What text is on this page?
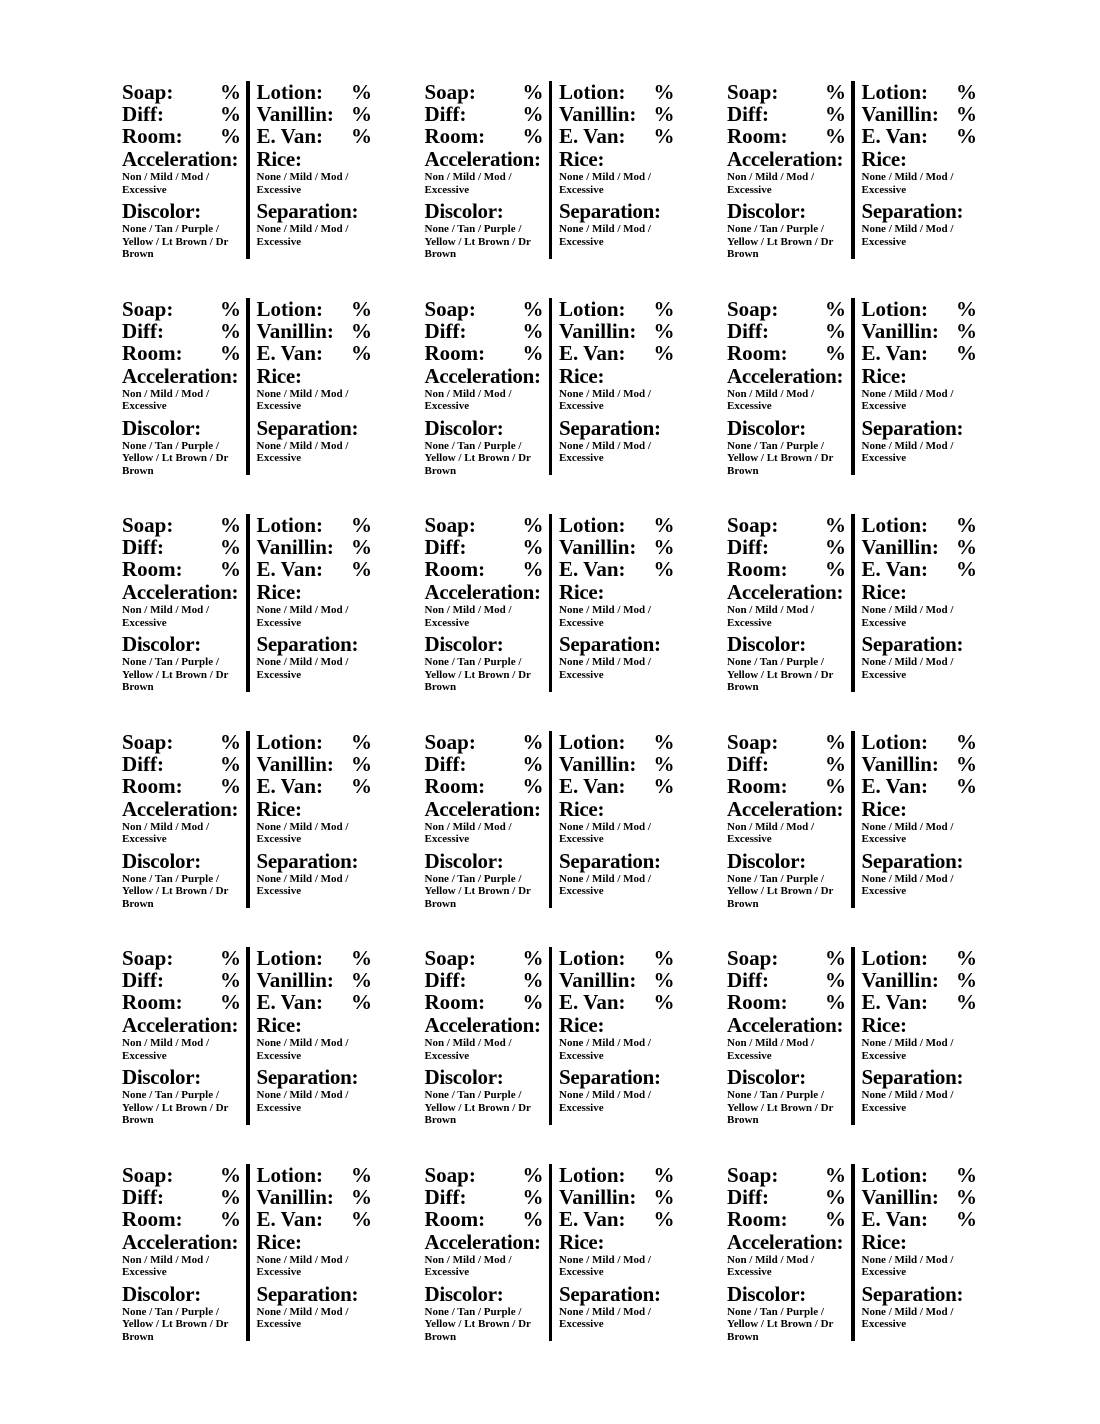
Soap: %
Diff:	%
Room: %
Acceleration:
Non / Mild / Mod / Excessive
Discolor:
None / Tan / Purple / Yellow / Lt Brown / Dr Brown
Lotion: %
Vanillin: %
E. Van: %
Rice:
None / Mild / Mod / Excessive
Separation:
None / Mild / Mod / Excessive
Soap: %
Diff:	%
Room: %
Acceleration:
Non / Mild / Mod / Excessive
Discolor:
None / Tan / Purple / Yellow / Lt Brown / Dr Brown
Lotion: %
Vanillin: %
E. Van: %
Rice:
None / Mild / Mod / Excessive
Separation:
None / Mild / Mod / Excessive
Soap: %
Diff:	%
Room: %
Acceleration:
Non / Mild / Mod / Excessive
Discolor:
None / Tan / Purple / Yellow / Lt Brown / Dr Brown
Lotion: %
Vanillin: %
E. Van: %
Rice:
None / Mild / Mod / Excessive
Separation:
None / Mild / Mod / Excessive
Soap: %
Diff:	%
Room: %
Acceleration:
Non / Mild / Mod / Excessive
Discolor:
None / Tan / Purple / Yellow / Lt Brown / Dr Brown
Lotion: %
Vanillin: %
E. Van: %
Rice:
None / Mild / Mod / Excessive
Separation:
None / Mild / Mod / Excessive
Soap: %
Diff:	%
Room: %
Acceleration:
Non / Mild / Mod / Excessive
Discolor:
None / Tan / Purple / Yellow / Lt Brown / Dr Brown
Lotion: %
Vanillin: %
E. Van: %
Rice:
None / Mild / Mod / Excessive
Separation:
None / Mild / Mod / Excessive
Soap: %
Diff:	%
Room: %
Acceleration:
Non / Mild / Mod / Excessive
Discolor:
None / Tan / Purple / Yellow / Lt Brown / Dr Brown
Lotion: %
Vanillin: %
E. Van: %
Rice:
None / Mild / Mod / Excessive
Separation:
None / Mild / Mod / Excessive
Soap: %
Diff:	%
Room: %
Acceleration:
Non / Mild / Mod / Excessive
Discolor:
None / Tan / Purple / Yellow / Lt Brown / Dr Brown
Lotion: %
Vanillin: %
E. Van: %
Rice:
None / Mild / Mod / Excessive
Separation:
None / Mild / Mod / Excessive
Soap: %
Diff:	%
Room: %
Acceleration:
Non / Mild / Mod / Excessive
Discolor:
None / Tan / Purple / Yellow / Lt Brown / Dr Brown
Lotion: %
Vanillin: %
E. Van: %
Rice:
None / Mild / Mod / Excessive
Separation:
None / Mild / Mod / Excessive
Soap: %
Diff:	%
Room: %
Acceleration:
Non / Mild / Mod / Excessive
Discolor:
None / Tan / Purple / Yellow / Lt Brown / Dr Brown
Lotion: %
Vanillin: %
E. Van: %
Rice:
None / Mild / Mod / Excessive
Separation:
None / Mild / Mod / Excessive
Soap: %
Diff:	%
Room: %
Acceleration:
Non / Mild / Mod / Excessive
Discolor:
None / Tan / Purple / Yellow / Lt Brown / Dr Brown
Lotion: %
Vanillin: %
E. Van: %
Rice:
None / Mild / Mod / Excessive
Separation:
None / Mild / Mod / Excessive
Soap: %
Diff:	%
Room: %
Acceleration:
Non / Mild / Mod / Excessive
Discolor:
None / Tan / Purple / Yellow / Lt Brown / Dr Brown
Lotion: %
Vanillin: %
E. Van: %
Rice:
None / Mild / Mod / Excessive
Separation:
None / Mild / Mod / Excessive
Soap: %
Diff:	%
Room: %
Acceleration:
Non / Mild / Mod / Excessive
Discolor:
None / Tan / Purple / Yellow / Lt Brown / Dr Brown
Lotion: %
Vanillin: %
E. Van: %
Rice:
None / Mild / Mod / Excessive
Separation:
None / Mild / Mod / Excessive
Soap: %
Diff:	%
Room: %
Acceleration:
Non / Mild / Mod / Excessive
Discolor:
None / Tan / Purple / Yellow / Lt Brown / Dr Brown
Lotion: %
Vanillin: %
E. Van: %
Rice:
None / Mild / Mod / Excessive
Separation:
None / Mild / Mod / Excessive
Soap: %
Diff:	%
Room: %
Acceleration:
Non / Mild / Mod / Excessive
Discolor:
None / Tan / Purple / Yellow / Lt Brown / Dr Brown
Lotion: %
Vanillin: %
E. Van: %
Rice:
None / Mild / Mod / Excessive
Separation:
None / Mild / Mod / Excessive
Soap: %
Diff:	%
Room: %
Acceleration:
Non / Mild / Mod / Excessive
Discolor:
None / Tan / Purple / Yellow / Lt Brown / Dr Brown
Lotion: %
Vanillin: %
E. Van: %
Rice:
None / Mild / Mod / Excessive
Separation:
None / Mild / Mod / Excessive
Soap: %
Diff:	%
Room: %
Acceleration:
Non / Mild / Mod / Excessive
Discolor:
None / Tan / Purple / Yellow / Lt Brown / Dr Brown
Lotion: %
Vanillin: %
E. Van: %
Rice:
None / Mild / Mod / Excessive
Separation:
None / Mild / Mod / Excessive
Soap: %
Diff:	%
Room: %
Acceleration:
Non / Mild / Mod / Excessive
Discolor:
None / Tan / Purple / Yellow / Lt Brown / Dr Brown
Lotion: %
Vanillin: %
E. Van: %
Rice:
None / Mild / Mod / Excessive
Separation:
None / Mild / Mod / Excessive
Soap: %
Diff:	%
Room: %
Acceleration:
Non / Mild / Mod / Excessive
Discolor:
None / Tan / Purple / Yellow / Lt Brown / Dr Brown
Lotion: %
Vanillin: %
E. Van: %
Rice:
None / Mild / Mod / Excessive
Separation:
None / Mild / Mod / Excessive
